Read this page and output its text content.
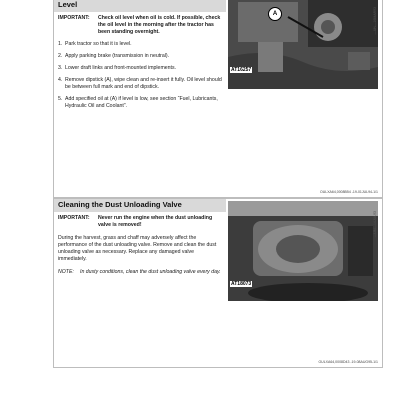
Level
IMPORTANT:	Check oil level when oil is cold. If possible, check the oil level in the morning after the tractor has been standing overnight.
1. Park tractor so that it is level.
2. Apply parking brake (transmission in neutral).
3. Lower draft links and front-mounted implements.
4. Remove dipstick (A), wipe clean and re-insert it fully. Oil level should be between full mark and end of dipstick.
5. Add specified oil at (A) if level is low, see section “Fuel, Lubricants, Hydraulic Oil and Coolant”.
A
AT16257
—UN—16MAR93
OULXA64,0008B54 -19-01JUL94-1/1
Cleaning the Dust Unloading Valve
IMPORTANT:	Never run the engine when the dust unloading valve is removed!
During the harvest, grass and chaff may adversely affect the performance of the dust unloading valve. Remove and clean the dust unloading valve as necessary. Replace any damaged valve immediately.
NOTE:	In dusty conditions, clean the dust unloading valve every day.
AT18073
—UN—14JUL93
OULXA64,0008D43 -19-08AUG95-1/1
